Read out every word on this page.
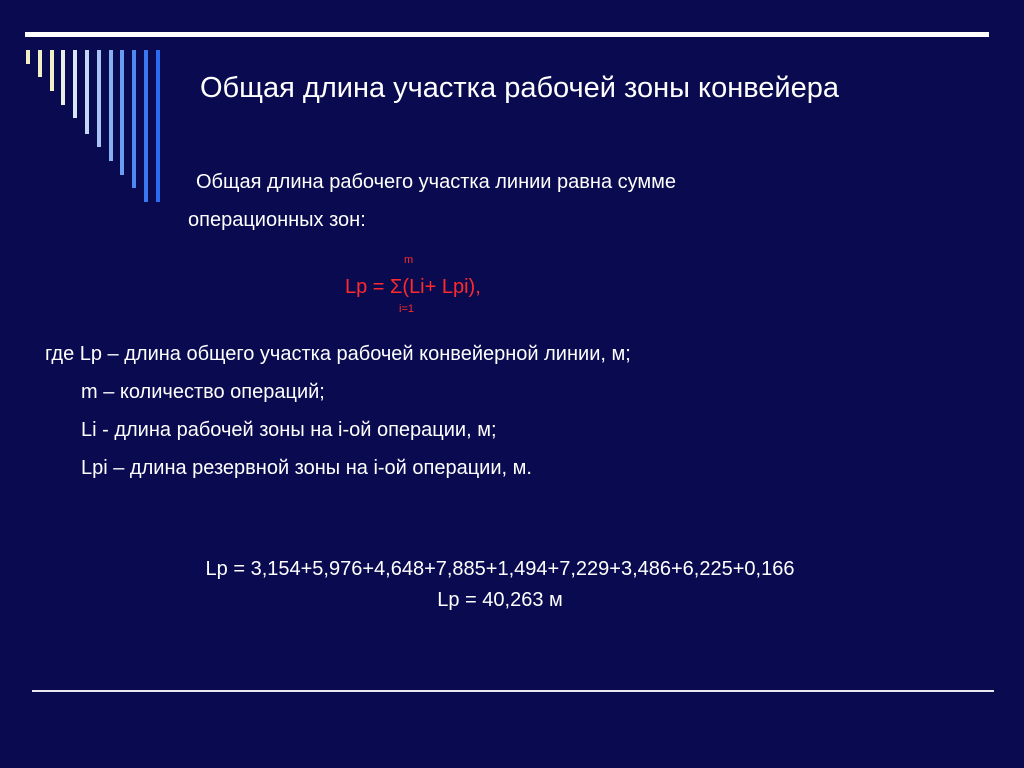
Общая длина участка рабочей зоны конвейера
Общая длина рабочего участка линии равна сумме
операционных зон:
m
Lр = Σ(Li+ Lрi),
i=1
где Lр – длина общего участка рабочей конвейерной линии, м;
m – количество операций;
Li - длина рабочей зоны на i-ой операции, м;
Lрi – длина резервной зоны на i-ой операции, м.
Lр = 3,154+5,976+4,648+7,885+1,494+7,229+3,486+6,225+0,166
Lр = 40,263 м
